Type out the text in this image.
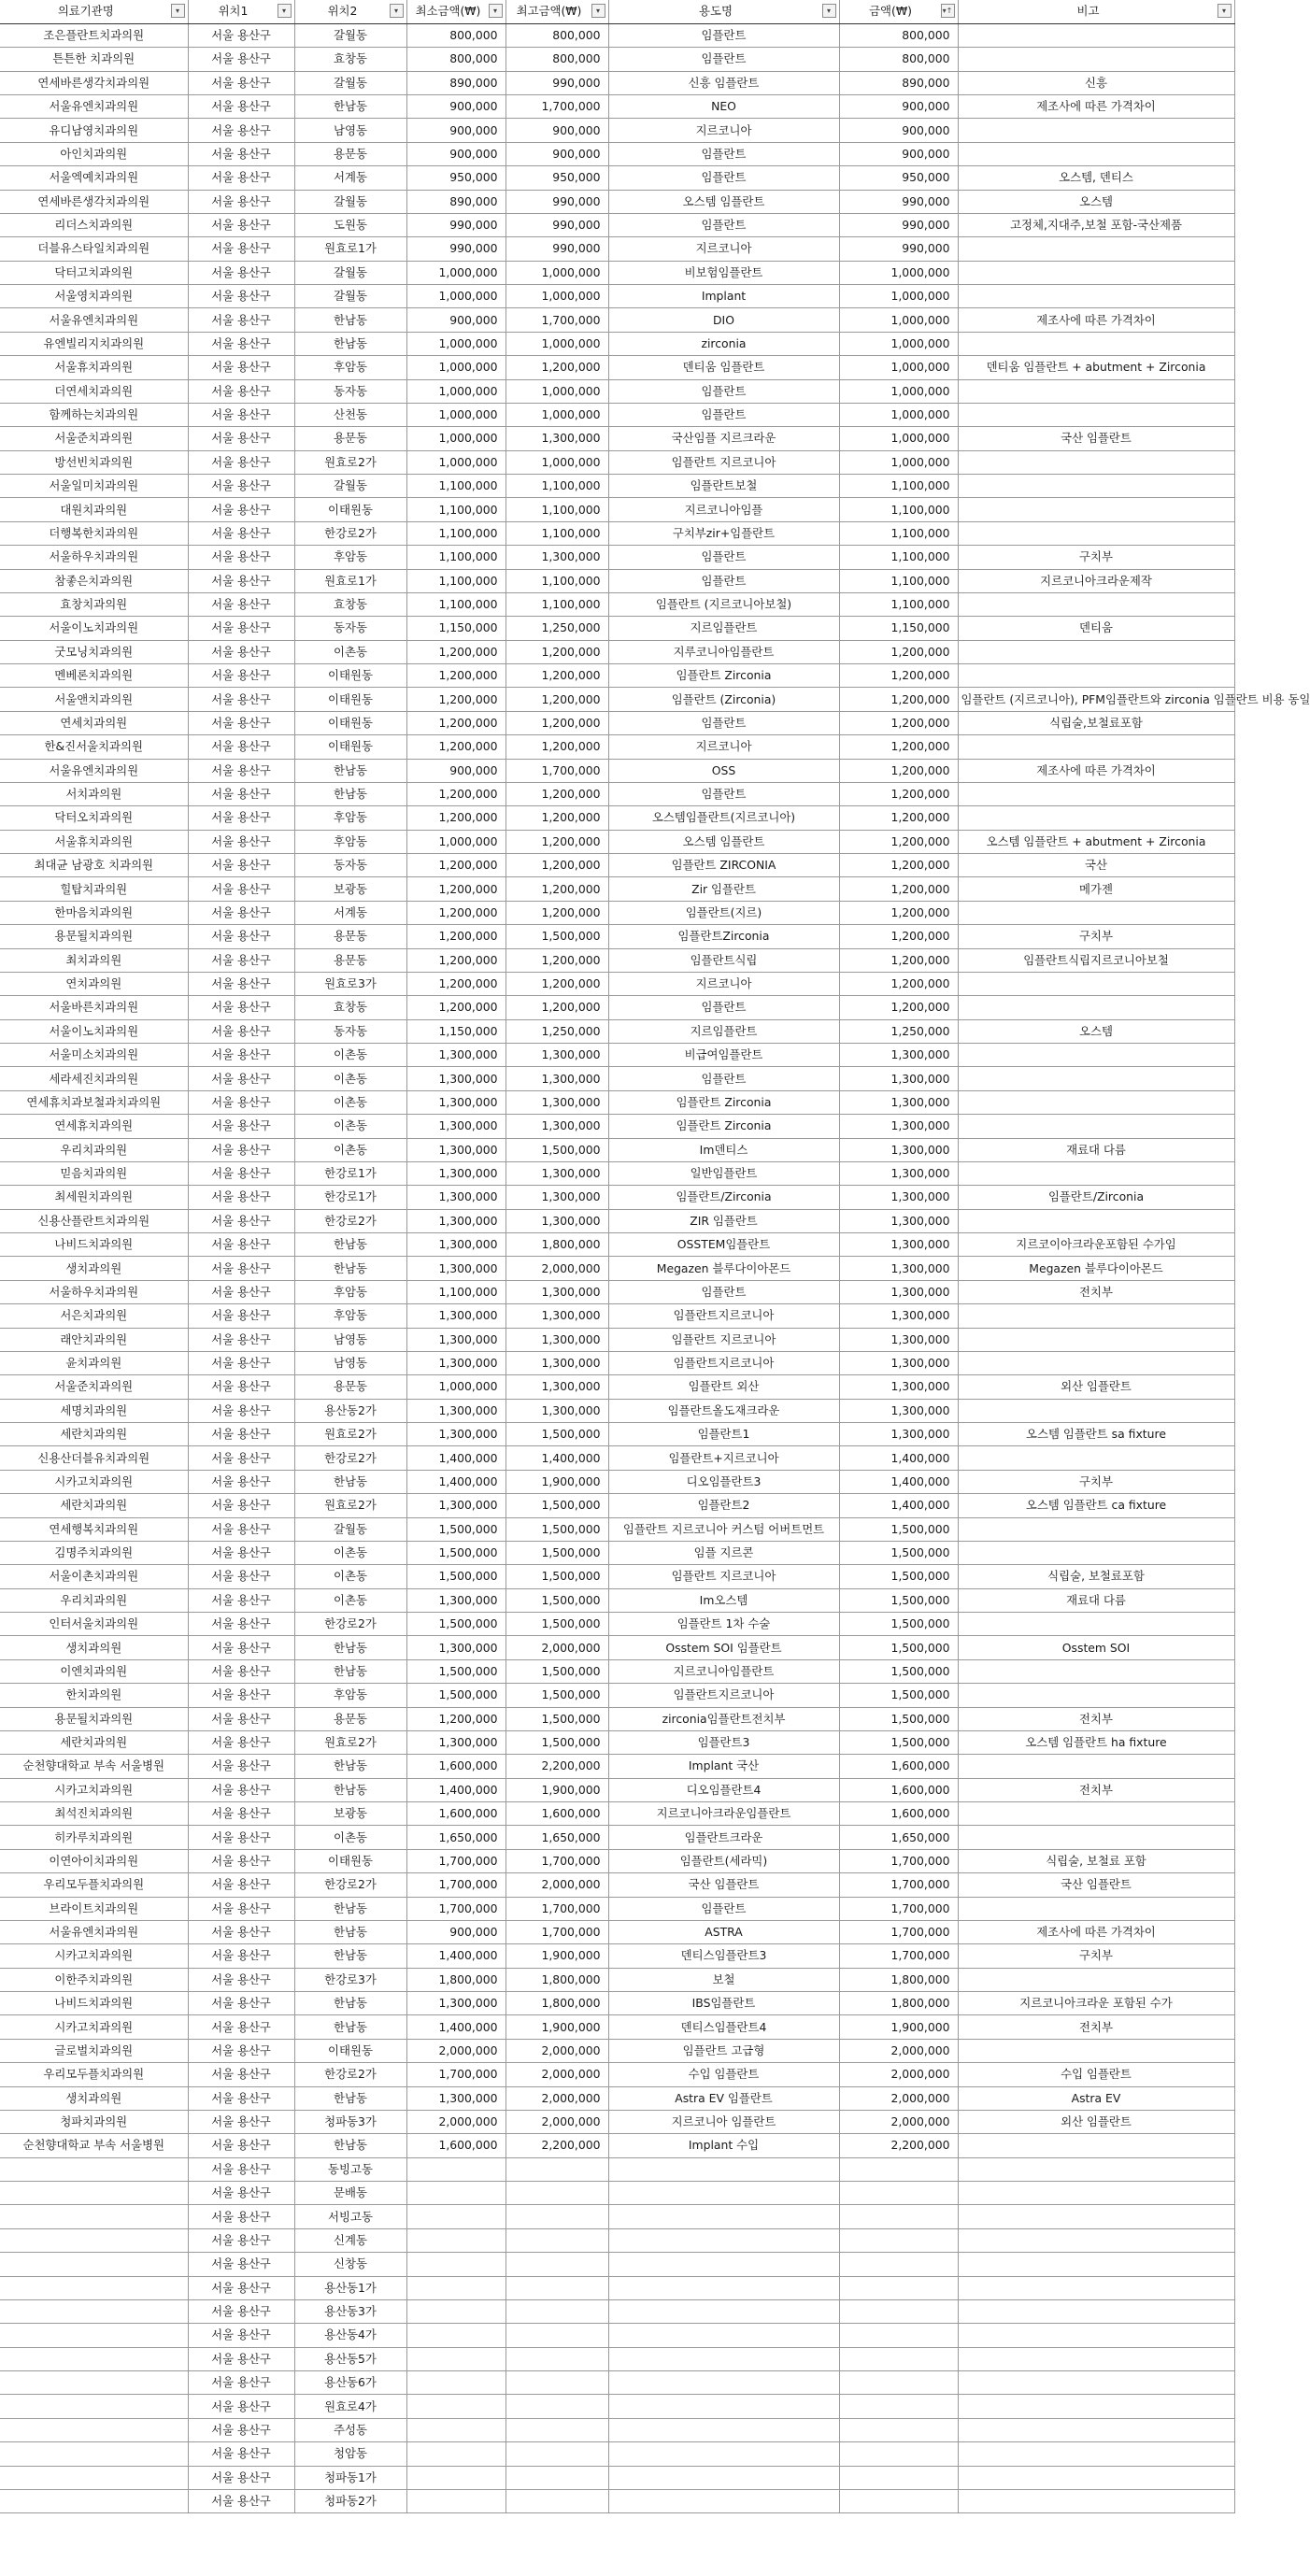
의료기관명 ▾	위치1 ▾	위치2 ▾	최소금액(₩) ▾	최고금액(₩) ▾	용도명 ▾	금액(₩) ▾↑	비고 ▾

조은플란트치과의원	서울 용산구	갈월동	800,000	800,000	임플란트	800,000	
튼튼한 치과의원	서울 용산구	효창동	800,000	800,000	임플란트	800,000	
연세바른생각치과의원	서울 용산구	갈월동	890,000	990,000	신흥 임플란트	890,000	신흥
서울유엔치과의원	서울 용산구	한남동	900,000	1,700,000	NEO	900,000	제조사에 따른 가격차이
유디남영치과의원	서울 용산구	남영동	900,000	900,000	지르코니아	900,000	
아인치과의원	서울 용산구	용문동	900,000	900,000	임플란트	900,000	
서울엑예치과의원	서울 용산구	서계동	950,000	950,000	임플란트	950,000	오스템, 덴티스
연세바른생각치과의원	서울 용산구	갈월동	890,000	990,000	오스템 임플란트	990,000	오스템
리더스치과의원	서울 용산구	도원동	990,000	990,000	임플란트	990,000	고정체,지대주,보철 포함-국산제품
더블유스타일치과의원	서울 용산구	원효로1가	990,000	990,000	지르코니아	990,000	
닥터고치과의원	서울 용산구	갈월동	1,000,000	1,000,000	비보험임플란트	1,000,000	
서울영치과의원	서울 용산구	갈월동	1,000,000	1,000,000	Implant	1,000,000	
서울유엔치과의원	서울 용산구	한남동	900,000	1,700,000	DIO	1,000,000	제조사에 따른 가격차이
유엔빌리지치과의원	서울 용산구	한남동	1,000,000	1,000,000	zirconia	1,000,000	
서울휴치과의원	서울 용산구	후암동	1,000,000	1,200,000	덴티움 임플란트	1,000,000	덴티움 임플란트 + abutment + Zirconia
더연세치과의원	서울 용산구	동자동	1,000,000	1,000,000	임플란트	1,000,000	
함께하는치과의원	서울 용산구	산천동	1,000,000	1,000,000	임플란트	1,000,000	
서울준치과의원	서울 용산구	용문동	1,000,000	1,300,000	국산임플 지르크라운	1,000,000	국산 임플란트
방선빈치과의원	서울 용산구	원효로2가	1,000,000	1,000,000	임플란트 지르코니아	1,000,000	
서울일미치과의원	서울 용산구	갈월동	1,100,000	1,100,000	임플란트보철	1,100,000	
대원치과의원	서울 용산구	이태원동	1,100,000	1,100,000	지르코니아임플	1,100,000	
더행복한치과의원	서울 용산구	한강로2가	1,100,000	1,100,000	구치부zir+임플란트	1,100,000	
서울하우치과의원	서울 용산구	후암동	1,100,000	1,300,000	임플란트	1,100,000	구치부
참좋은치과의원	서울 용산구	원효로1가	1,100,000	1,100,000	임플란트	1,100,000	지르코니아크라운제작
효창치과의원	서울 용산구	효창동	1,100,000	1,100,000	임플란트 (지르코니아보철)	1,100,000	
서울이노치과의원	서울 용산구	동자동	1,150,000	1,250,000	지르임플란트	1,150,000	덴티움
굿모닝치과의원	서울 용산구	이촌동	1,200,000	1,200,000	지루코니아임플란트	1,200,000	
멘베론치과의원	서울 용산구	이태원동	1,200,000	1,200,000	임플란트 Zirconia	1,200,000	
서울앤치과의원	서울 용산구	이태원동	1,200,000	1,200,000	임플란트 (Zirconia)	1,200,000	임플란트 (지르코니아), PFM임플란트와 zirconia 임플란트 비용 동일
연세치과의원	서울 용산구	이태원동	1,200,000	1,200,000	임플란트	1,200,000	식립술,보철료포함
한&진서울치과의원	서울 용산구	이태원동	1,200,000	1,200,000	지르코니아	1,200,000	
서울유엔치과의원	서울 용산구	한남동	900,000	1,700,000	OSS	1,200,000	제조사에 따른 가격차이
서치과의원	서울 용산구	한남동	1,200,000	1,200,000	임플란트	1,200,000	
닥터오치과의원	서울 용산구	후암동	1,200,000	1,200,000	오스템임플란트(지르코니아)	1,200,000	
서울휴치과의원	서울 용산구	후암동	1,000,000	1,200,000	오스템 임플란트	1,200,000	오스템 임플란트 + abutment + Zirconia
최대균 남광호 치과의원	서울 용산구	동자동	1,200,000	1,200,000	임플란트 ZIRCONIA	1,200,000	국산
힐탑치과의원	서울 용산구	보광동	1,200,000	1,200,000	Zir 임플란트	1,200,000	메가젠
한마음치과의원	서울 용산구	서계동	1,200,000	1,200,000	임플란트(지르)	1,200,000	
용문될치과의원	서울 용산구	용문동	1,200,000	1,500,000	임플란트Zirconia	1,200,000	구치부
최치과의원	서울 용산구	용문동	1,200,000	1,200,000	임플란트식립	1,200,000	임플란트식립지르코니아보철
연치과의원	서울 용산구	원효로3가	1,200,000	1,200,000	지르코니아	1,200,000	
서울바른치과의원	서울 용산구	효창동	1,200,000	1,200,000	임플란트	1,200,000	
서울이노치과의원	서울 용산구	동자동	1,150,000	1,250,000	지르임플란트	1,250,000	오스템
서울미소치과의원	서울 용산구	이촌동	1,300,000	1,300,000	비급여임플란트	1,300,000	
세라세진치과의원	서울 용산구	이촌동	1,300,000	1,300,000	임플란트	1,300,000	
연세휴치과보철과치과의원	서울 용산구	이촌동	1,300,000	1,300,000	임플란트 Zirconia	1,300,000	
연세휴치과의원	서울 용산구	이촌동	1,300,000	1,300,000	임플란트 Zirconia	1,300,000	
우리치과의원	서울 용산구	이촌동	1,300,000	1,500,000	Im덴티스	1,300,000	재료대 다름
믿음치과의원	서울 용산구	한강로1가	1,300,000	1,300,000	일반임플란트	1,300,000	
최세원치과의원	서울 용산구	한강로1가	1,300,000	1,300,000	임플란트/Zirconia	1,300,000	임플란트/Zirconia
신용산플란트치과의원	서울 용산구	한강로2가	1,300,000	1,300,000	ZIR 임플란트	1,300,000	
나비드치과의원	서울 용산구	한남동	1,300,000	1,800,000	OSSTEM임플란트	1,300,000	지르코이아크라운포함된 수가임
생치과의원	서울 용산구	한남동	1,300,000	2,000,000	Megazen 블루다이아몬드	1,300,000	Megazen 블루다이아몬드
서울하우치과의원	서울 용산구	후암동	1,100,000	1,300,000	임플란트	1,300,000	전치부
서은치과의원	서울 용산구	후암동	1,300,000	1,300,000	임플란트지르코니아	1,300,000	
래안치과의원	서울 용산구	남영동	1,300,000	1,300,000	임플란트 지르코니아	1,300,000	
윤치과의원	서울 용산구	남영동	1,300,000	1,300,000	임플란트지르코니아	1,300,000	
서울준치과의원	서울 용산구	용문동	1,000,000	1,300,000	임플란트 외산	1,300,000	외산 임플란트
세명치과의원	서울 용산구	용산동2가	1,300,000	1,300,000	임플란트올도재크라운	1,300,000	
세란치과의원	서울 용산구	원효로2가	1,300,000	1,500,000	임플란트1	1,300,000	오스템 임플란트 sa fixture
신용산더블유치과의원	서울 용산구	한강로2가	1,400,000	1,400,000	임플란트+지르코니아	1,400,000	
시카고치과의원	서울 용산구	한남동	1,400,000	1,900,000	디오임플란트3	1,400,000	구치부
세란치과의원	서울 용산구	원효로2가	1,300,000	1,500,000	임플란트2	1,400,000	오스템 임플란트 ca fixture
연세행복치과의원	서울 용산구	갈월동	1,500,000	1,500,000	임플란트 지르코니아 커스텀 어버트먼트	1,500,000	
김명주치과의원	서울 용산구	이촌동	1,500,000	1,500,000	임플 지르콘	1,500,000	
서울이촌치과의원	서울 용산구	이촌동	1,500,000	1,500,000	임플란트 지르코니아	1,500,000	식립술, 보철료포함
우리치과의원	서울 용산구	이촌동	1,300,000	1,500,000	Im오스템	1,500,000	재료대 다름
인터서울치과의원	서울 용산구	한강로2가	1,500,000	1,500,000	임플란트 1차 수술	1,500,000	
생치과의원	서울 용산구	한남동	1,300,000	2,000,000	Osstem SOI 임플란트	1,500,000	Osstem SOI
이엔치과의원	서울 용산구	한남동	1,500,000	1,500,000	지르코니아임플란트	1,500,000	
한치과의원	서울 용산구	후암동	1,500,000	1,500,000	임플란트지르코니아	1,500,000	
용문될치과의원	서울 용산구	용문동	1,200,000	1,500,000	zirconia임플란트전치부	1,500,000	전치부
세란치과의원	서울 용산구	원효로2가	1,300,000	1,500,000	임플란트3	1,500,000	오스템 임플란트 ha fixture
순천향대학교 부속 서울병원	서울 용산구	한남동	1,600,000	2,200,000	Implant 국산	1,600,000	
시카고치과의원	서울 용산구	한남동	1,400,000	1,900,000	디오임플란트4	1,600,000	전치부
최석진치과의원	서울 용산구	보광동	1,600,000	1,600,000	지르코니아크라운임플란트	1,600,000	
히카루치과의원	서울 용산구	이촌동	1,650,000	1,650,000	임플란트크라운	1,650,000	
이연아이치과의원	서울 용산구	이태원동	1,700,000	1,700,000	임플란트(세라믹)	1,700,000	식립술, 보철료 포함
우리모두플치과의원	서울 용산구	한강로2가	1,700,000	2,000,000	국산 임플란트	1,700,000	국산 임플란트
브라이트치과의원	서울 용산구	한남동	1,700,000	1,700,000	임플란트	1,700,000	
서울유엔치과의원	서울 용산구	한남동	900,000	1,700,000	ASTRA	1,700,000	제조사에 따른 가격차이
시카고치과의원	서울 용산구	한남동	1,400,000	1,900,000	덴티스임플란트3	1,700,000	구치부
이한주치과의원	서울 용산구	한강로3가	1,800,000	1,800,000	보철	1,800,000	
나비드치과의원	서울 용산구	한남동	1,300,000	1,800,000	IBS임플란트	1,800,000	지르코니아크라운 포함된 수가
시카고치과의원	서울 용산구	한남동	1,400,000	1,900,000	덴티스임플란트4	1,900,000	전치부
글로벌치과의원	서울 용산구	이태원동	2,000,000	2,000,000	임플란트 고급형	2,000,000	
우리모두플치과의원	서울 용산구	한강로2가	1,700,000	2,000,000	수입 임플란트	2,000,000	수입 임플란트
생치과의원	서울 용산구	한남동	1,300,000	2,000,000	Astra EV 임플란트	2,000,000	Astra EV
청파치과의원	서울 용산구	청파동3가	2,000,000	2,000,000	지르코니아 임플란트	2,000,000	외산 임플란트
순천향대학교 부속 서울병원	서울 용산구	한남동	1,600,000	2,200,000	Implant 수입	2,200,000	
	서울 용산구	동빙고동					
	서울 용산구	문배동					
	서울 용산구	서빙고동					
	서울 용산구	신계동					
	서울 용산구	신창동					
	서울 용산구	용산동1가					
	서울 용산구	용산동3가					
	서울 용산구	용산동4가					
	서울 용산구	용산동5가					
	서울 용산구	용산동6가					
	서울 용산구	원효로4가					
	서울 용산구	주성동					
	서울 용산구	청암동					
	서울 용산구	청파동1가					
	서울 용산구	청파동2가					
